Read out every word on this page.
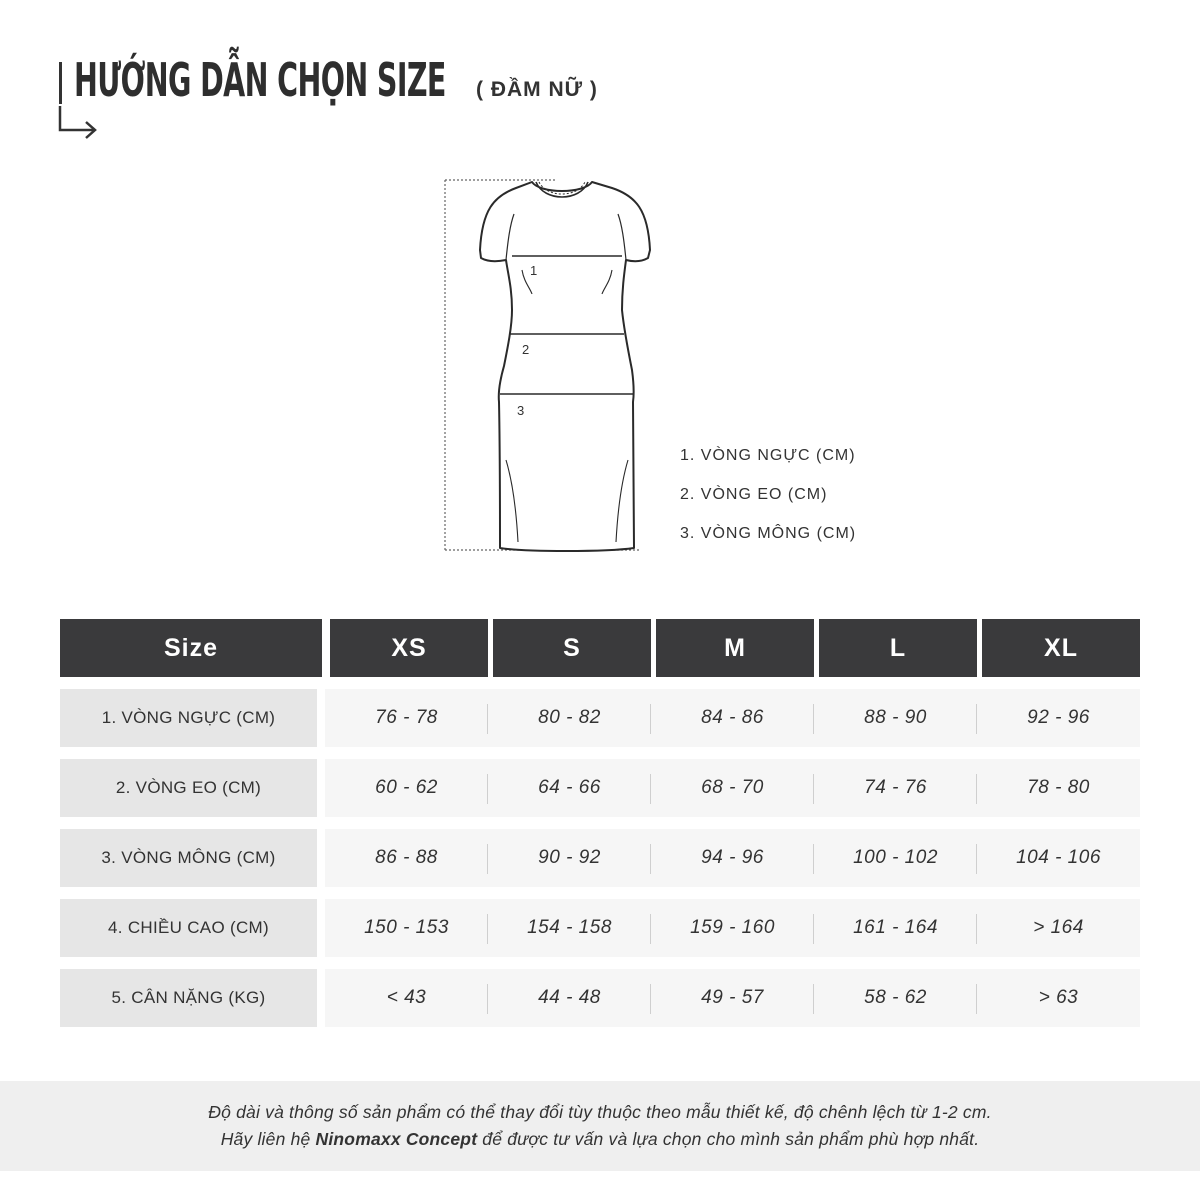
HƯỚNG DẪN CHỌN SIZE ( ĐẦM NỮ )
1
2
3
1. VÒNG NGỰC (CM)
2. VÒNG EO (CM)
3. VÒNG MÔNG (CM)
Size	XS	S	M	L	XL
1. VÒNG NGỰC (CM)	76 - 78	80 - 82	84 - 86	88 - 90	92 - 96
2. VÒNG EO (CM)	60 - 62	64 - 66	68 - 70	74 - 76	78 - 80
3. VÒNG MÔNG (CM)	86 - 88	90 - 92	94 - 96	100 - 102	104 - 106
4. CHIỀU CAO (CM)	150 - 153	154 - 158	159 - 160	161 - 164	> 164
5. CÂN NẶNG (KG)	< 43	44 - 48	49 - 57	58 - 62	> 63
Độ dài và thông số sản phẩm có thể thay đổi tùy thuộc theo mẫu thiết kế, độ chênh lệch từ 1-2 cm.
Hãy liên hệ Ninomaxx Concept để được tư vấn và lựa chọn cho mình sản phẩm phù hợp nhất.
